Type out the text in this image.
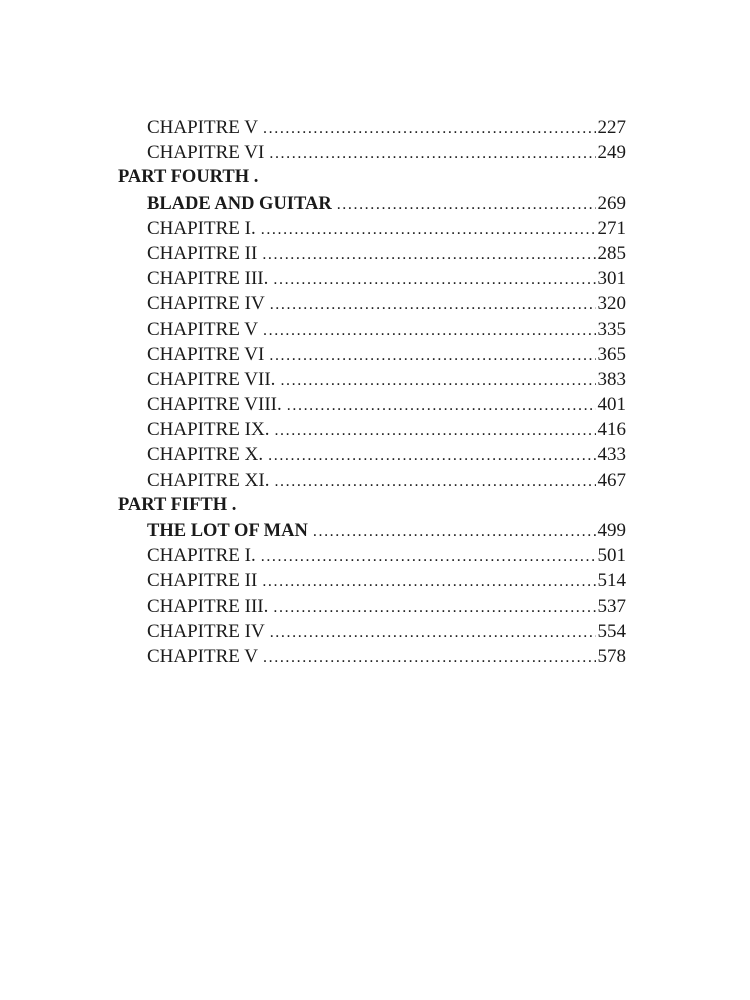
CHAPITRE V .....	227
CHAPITRE VI .....	249
PART FOURTH .
BLADE AND GUITAR .....	269
CHAPITRE I. .....	271
CHAPITRE II .....	285
CHAPITRE III. .....	301
CHAPITRE IV .....	320
CHAPITRE V .....	335
CHAPITRE VI .....	365
CHAPITRE VII. .....	383
CHAPITRE VIII. .....	401
CHAPITRE IX. .....	416
CHAPITRE X. .....	433
CHAPITRE XI. .....	467
PART FIFTH .
THE LOT OF MAN .....	499
CHAPITRE I. .....	501
CHAPITRE II .....	514
CHAPITRE III. .....	537
CHAPITRE IV .....	554
CHAPITRE V .....	578
